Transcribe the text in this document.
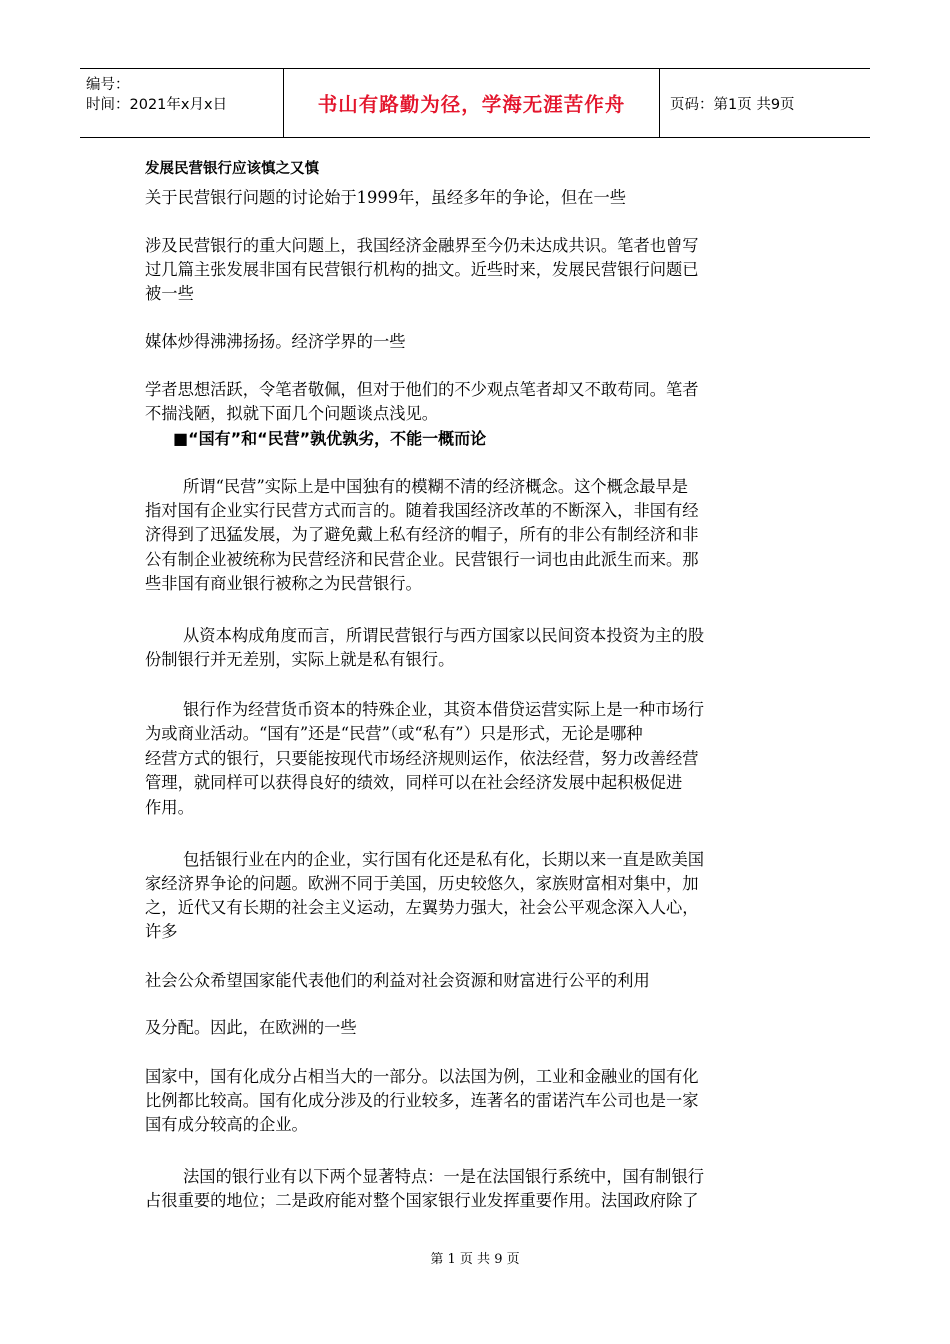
编号：
时间：2021年x月x日	书山有路勤为径，学海无涯苦作舟	页码：第1页 共9页
发展民营银行应该慎之又慎
关于民营银行问题的讨论始于1999年，虽经多年的争论，但在一些
涉及民营银行的重大问题上，我国经济金融界至今仍未达成共识。笔者也曾写
过几篇主张发展非国有民营银行机构的拙文。近些时来，发展民营银行问题已
被一些
媒体炒得沸沸扬扬。经济学界的一些
学者思想活跃，令笔者敬佩，但对于他们的不少观点笔者却又不敢苟同。笔者
不揣浅陋，拟就下面几个问题谈点浅见。
■“国有”和“民营”孰优孰劣，不能一概而论
所谓“民营”实际上是中国独有的模糊不清的经济概念。这个概念最早是
指对国有企业实行民营方式而言的。随着我国经济改革的不断深入，非国有经
济得到了迅猛发展，为了避免戴上私有经济的帽子，所有的非公有制经济和非
公有制企业被统称为民营经济和民营企业。民营银行一词也由此派生而来。那
些非国有商业银行被称之为民营银行。
从资本构成角度而言，所谓民营银行与西方国家以民间资本投资为主的股
份制银行并无差别，实际上就是私有银行。
银行作为经营货币资本的特殊企业，其资本借贷运营实际上是一种市场行
为或商业活动。“国有”还是“民营”（或“私有”）只是形式，无论是哪种
经营方式的银行，只要能按现代市场经济规则运作，依法经营，努力改善经营
管理，就同样可以获得良好的绩效，同样可以在社会经济发展中起积极促进
作用。
包括银行业在内的企业，实行国有化还是私有化，长期以来一直是欧美国
家经济界争论的问题。欧洲不同于美国，历史较悠久，家族财富相对集中，加
之，近代又有长期的社会主义运动，左翼势力强大，社会公平观念深入人心，
许多
社会公众希望国家能代表他们的利益对社会资源和财富进行公平的利用
及分配。因此，在欧洲的一些
国家中，国有化成分占相当大的一部分。以法国为例，工业和金融业的国有化
比例都比较高。国有化成分涉及的行业较多，连著名的雷诺汽车公司也是一家
国有成分较高的企业。
法国的银行业有以下两个显著特点：一是在法国银行系统中，国有制银行
占很重要的地位；二是政府能对整个国家银行业发挥重要作用。法国政府除了
第 1 页 共 9 页
